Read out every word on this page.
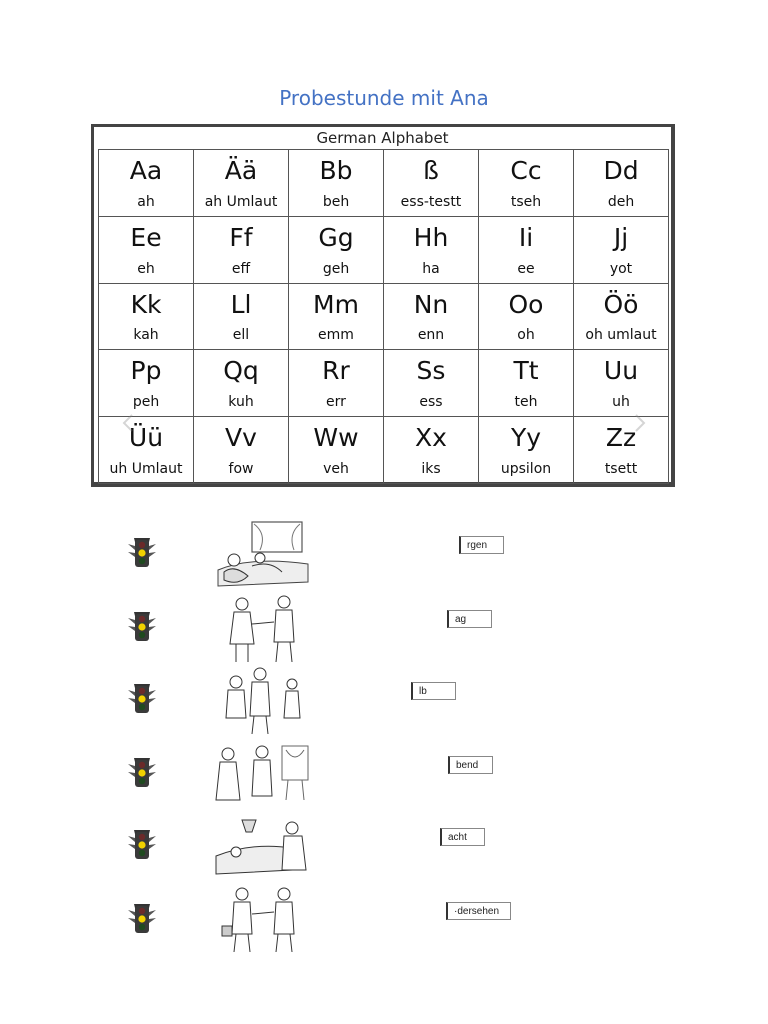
Probestunde mit Ana
German Alphabet
Aa
ah
Ää
ah Umlaut
Bb
beh
ß
ess-testt
Cc
tseh
Dd
deh
Ee
eh
Ff
eff
Gg
geh
Hh
ha
Ii
ee
Jj
yot
Kk
kah
Ll
ell
Mm
emm
Nn
enn
Oo
oh
Öö
oh umlaut
Pp
peh
Qq
kuh
Rr
err
Ss
ess
Tt
teh
Uu
uh
Üü
uh Umlaut
Vv
fow
Ww
veh
Xx
iks
Yy
upsilon
Zz
tsett
rgen
ag
lb
bend
acht
·dersehen
